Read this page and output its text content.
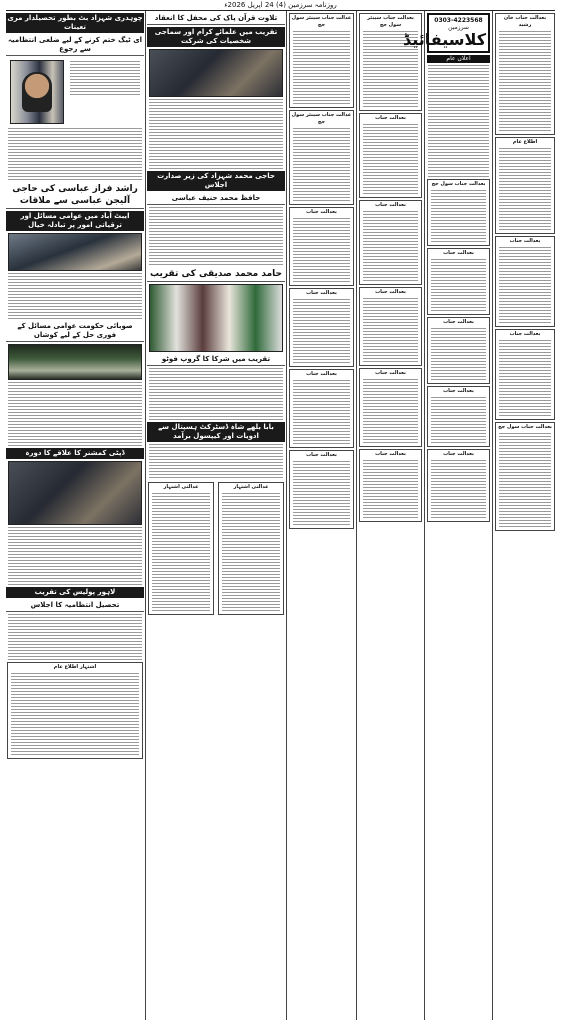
روزنامہ سرزمین (4) 24 اپریل 2026ء
چوہدری شہزاد بٹ بطور تحصیلدار مری تعینات
ای ٹیگ ختم کرنے کے لیے ضلعی انتظامیہ سے رجوع
راشد فراز عباسی کی حاجی آلیجن عباسی سے ملاقات
ایبٹ آباد میں عوامی مسائل اور ترقیاتی امور پر تبادلہ خیال
صوبائی حکومت عوامی مسائل کے فوری حل کے لیے کوشاں
ڈپٹی کمشنر کا علاقے کا دورہ
لاہور پولیس کی تقریب
تحصیل انتظامیہ کا اجلاس
اشتہار اطلاع عام
تلاوت قرآن پاک کی محفل کا انعقاد
تقریب میں علمائے کرام اور سماجی شخصیات کی شرکت
حاجی محمد شہزاد کی زیر صدارت اجلاس
حافظ محمد حنیف عباسی
حامد محمد صدیقی کی تقریب
تقریب میں شرکا کا گروپ فوٹو
بابا بلھے شاہ ڈسٹرکٹ ہسپتال سے ادویات اور کیپسول برآمد
عدالتی اشتہار
عدالتی اشتہار
عدالت جناب سینئر سول جج
عدالت جناب سینئر سول جج
بعدالت جناب
بعدالت جناب
بعدالت جناب
بعدالت جناب
بعدالت جناب سینئر سول جج
بعدالت جناب
بعدالت جناب
بعدالت جناب
بعدالت جناب
بعدالت جناب
0303-4223568
سرزمین
کلاسیفائیڈ
اعلان عام
بعدالت جناب سول جج
بعدالت جناب
بعدالت جناب
بعدالت جناب
بعدالت جناب
بعدالت جناب خان رشید
اطلاع عام
بعدالت جناب
بعدالت جناب
بعدالت جناب سول جج
